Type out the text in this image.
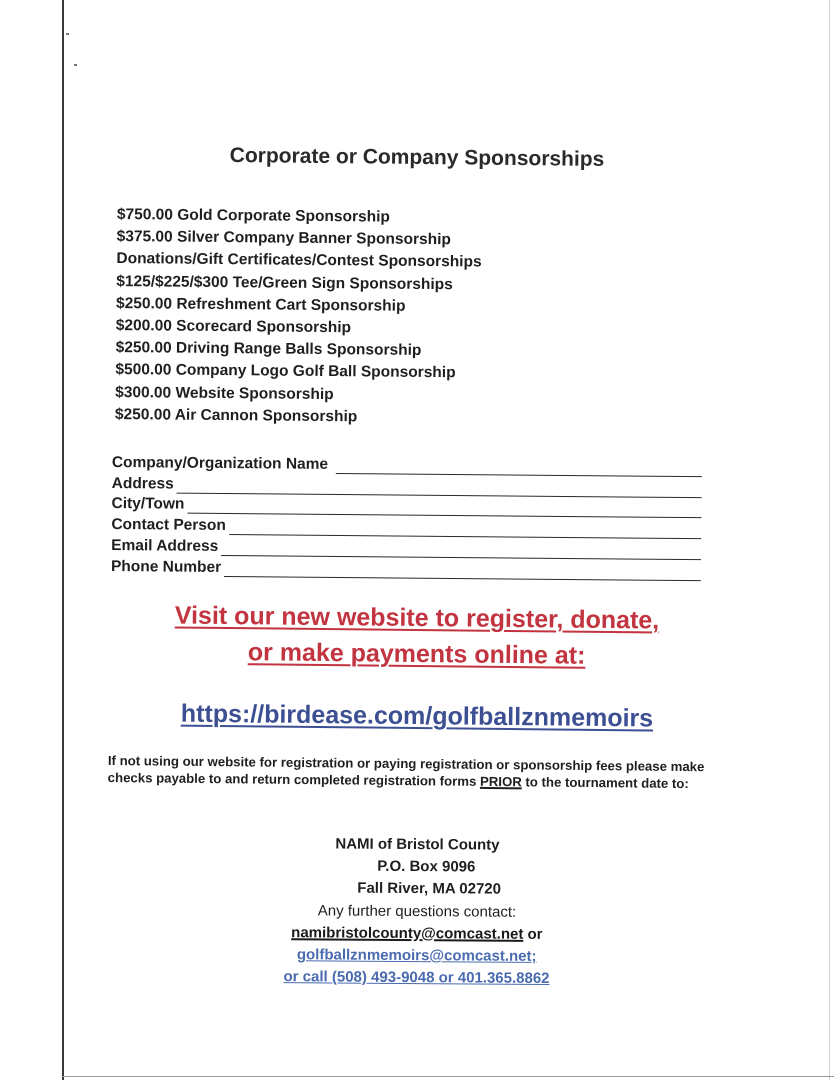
Corporate or Company Sponsorships
$750.00 Gold Corporate Sponsorship
$375.00 Silver Company Banner Sponsorship
Donations/Gift Certificates/Contest Sponsorships
$125/$225/$300 Tee/Green Sign Sponsorships
$250.00 Refreshment Cart Sponsorship
$200.00 Scorecard Sponsorship
$250.00 Driving Range Balls Sponsorship
$500.00 Company Logo Golf Ball Sponsorship
$300.00 Website Sponsorship
$250.00 Air Cannon Sponsorship
Company/Organization Name
Address
City/Town
Contact Person
Email Address
Phone Number
Visit our new website to register, donate,
or make payments online at:
https://birdease.com/golfballznmemoirs

If not using our website for registration or paying registration or sponsorship fees please make checks payable to and return completed registration forms PRIOR to the tournament date to:

NAMI of Bristol County
P.O. Box 9096
Fall River, MA 02720
Any further questions contact:
namibristolcounty@comcast.net or
golfballznmemoirs@comcast.net;
or call (508) 493-9048 or 401.365.8862
